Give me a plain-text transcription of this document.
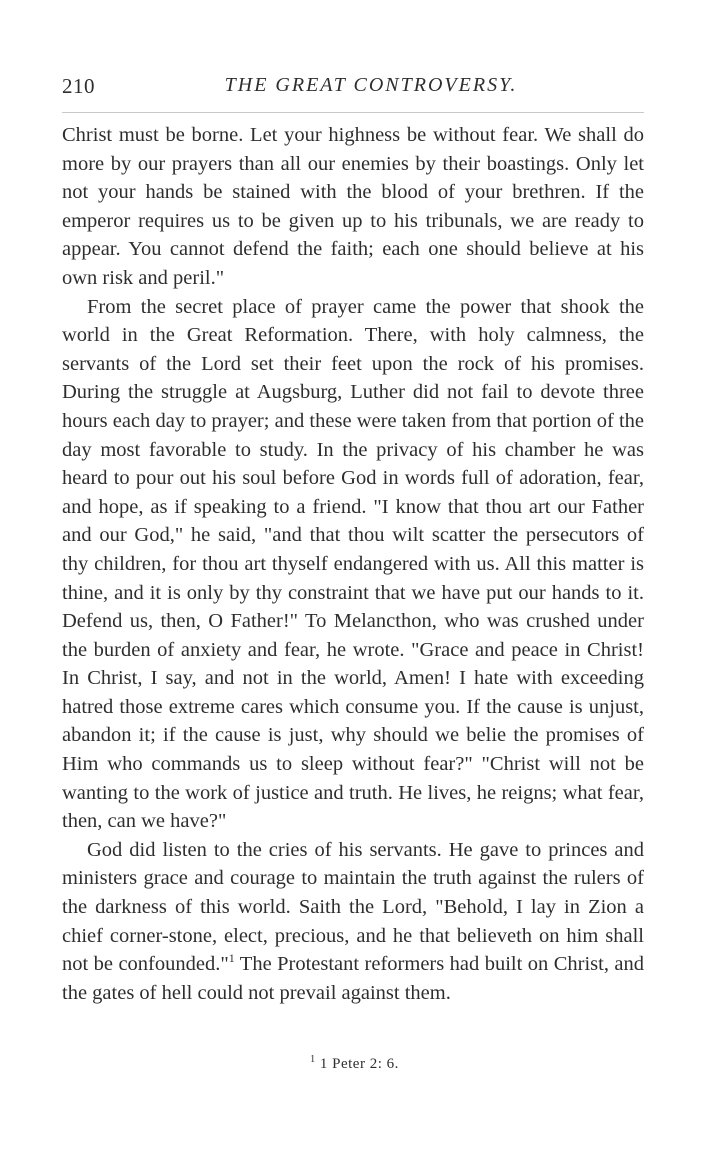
210	THE GREAT CONTROVERSY.

Christ must be borne. Let your highness be without fear. We shall do more by our prayers than all our enemies by their boastings. Only let not your hands be stained with the blood of your brethren. If the emperor requires us to be given up to his tribunals, we are ready to appear. You cannot defend the faith; each one should believe at his own risk and peril."

From the secret place of prayer came the power that shook the world in the Great Reformation. There, with holy calmness, the servants of the Lord set their feet upon the rock of his promises. During the struggle at Augsburg, Luther did not fail to devote three hours each day to prayer; and these were taken from that portion of the day most favorable to study. In the privacy of his chamber he was heard to pour out his soul before God in words full of adoration, fear, and hope, as if speaking to a friend. "I know that thou art our Father and our God," he said, "and that thou wilt scatter the persecutors of thy children, for thou art thyself endangered with us. All this matter is thine, and it is only by thy constraint that we have put our hands to it. Defend us, then, O Father!" To Melancthon, who was crushed under the burden of anxiety and fear, he wrote. "Grace and peace in Christ! In Christ, I say, and not in the world, Amen! I hate with exceeding hatred those extreme cares which consume you. If the cause is unjust, abandon it; if the cause is just, why should we belie the promises of Him who commands us to sleep without fear?" "Christ will not be wanting to the work of justice and truth. He lives, he reigns; what fear, then, can we have?"

God did listen to the cries of his servants. He gave to princes and ministers grace and courage to maintain the truth against the rulers of the darkness of this world. Saith the Lord, "Behold, I lay in Zion a chief corner-stone, elect, precious, and he that believeth on him shall not be confounded."$^1$ The Protestant reformers had built on Christ, and the gates of hell could not prevail against them.

$^1$ 1 Peter 2: 6.
